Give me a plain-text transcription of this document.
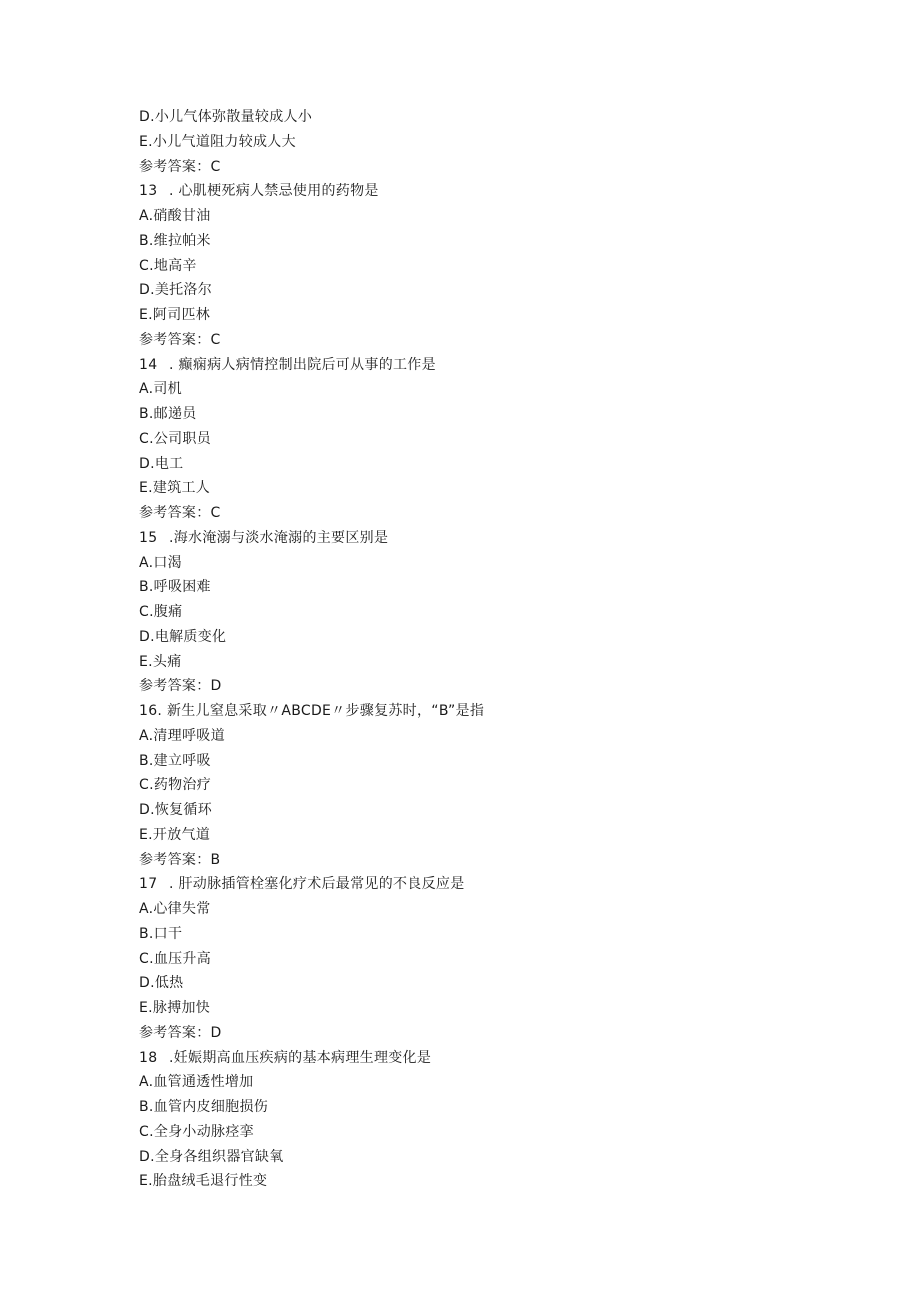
D.小儿气体弥散量较成人小
E.小儿气道阻力较成人大
参考答案：C
13 . 心肌梗死病人禁忌使用的药物是
A.硝酸甘油
B.维拉帕米
C.地高辛
D.美托洛尔
E.阿司匹林
参考答案：C
14 . 癫痫病人病情控制出院后可从事的工作是
A.司机
B.邮递员
C.公司职员
D.电工
E.建筑工人
参考答案：C
15 .海水淹溺与淡水淹溺的主要区别是
A.口渴
B.呼吸困难
C.腹痛
D.电解质变化
E.头痛
参考答案：D
16. 新生儿窒息采取〃ABCDE〃步骤复苏时，“B”是指
A.清理呼吸道
B.建立呼吸
C.药物治疗
D.恢复循环
E.开放气道
参考答案：B
17 . 肝动脉插管栓塞化疗术后最常见的不良反应是
A.心律失常
B.口干
C.血压升高
D.低热
E.脉搏加快
参考答案：D
18 .妊娠期高血压疾病的基本病理生理变化是
A.血管通透性增加
B.血管内皮细胞损伤
C.全身小动脉痉挛
D.全身各组织器官缺氧
E.胎盘绒毛退行性变
